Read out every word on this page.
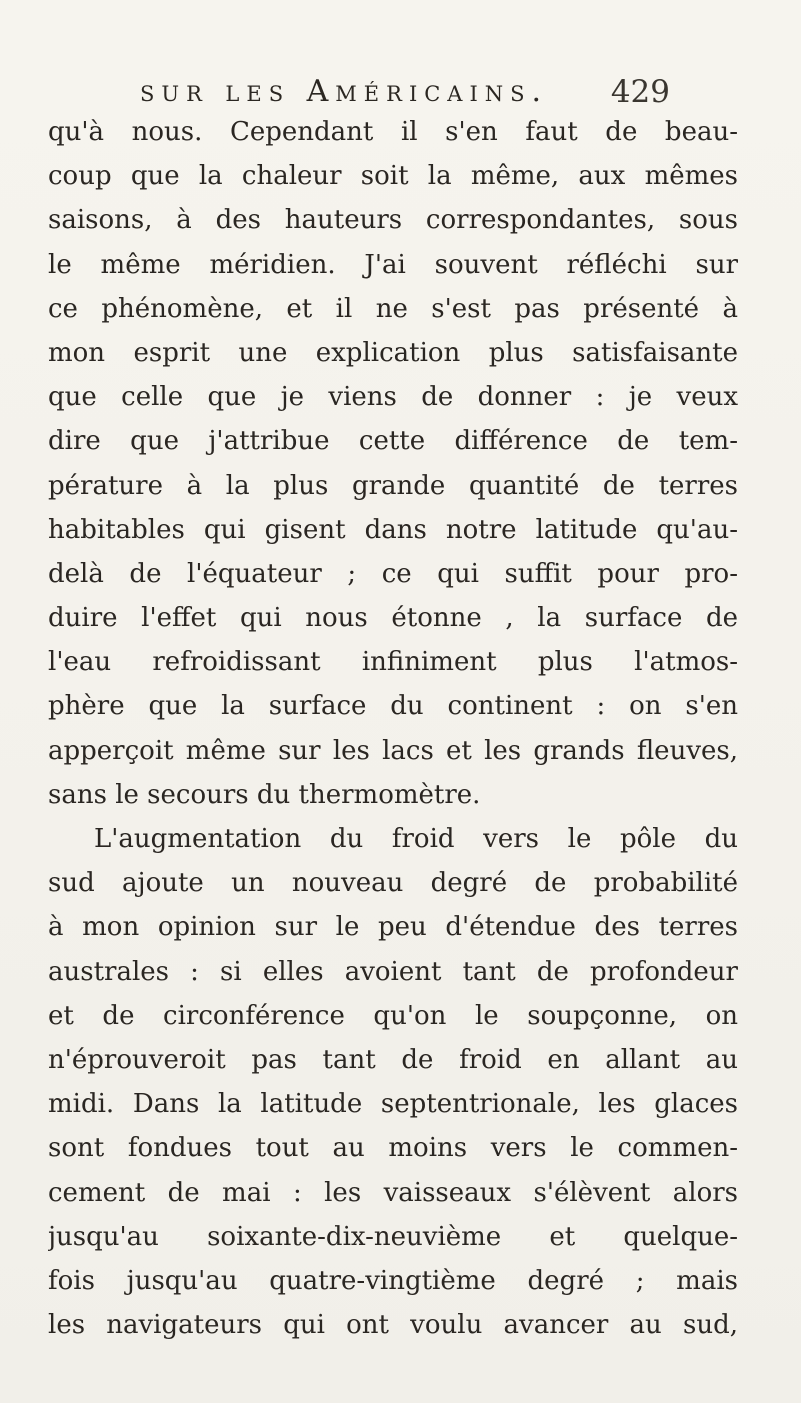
sur les Américains. 429
qu'à nous. Cependant il s'en faut de beau-
coup que la chaleur soit la même, aux mêmes
saisons, à des hauteurs correspondantes, sous
le même méridien. J'ai souvent réfléchi sur
ce phénomène, et il ne s'est pas présenté à
mon esprit une explication plus satisfaisante
que celle que je viens de donner : je veux
dire que j'attribue cette différence de tem-
pérature à la plus grande quantité de terres
habitables qui gisent dans notre latitude qu'au-
delà de l'équateur ; ce qui suffit pour pro-
duire l'effet qui nous étonne , la surface de
l'eau refroidissant infiniment plus l'atmos-
phère que la surface du continent : on s'en
apperçoit même sur les lacs et les grands fleuves,
sans le secours du thermomètre.
L'augmentation du froid vers le pôle du
sud ajoute un nouveau degré de probabilité
à mon opinion sur le peu d'étendue des terres
australes : si elles avoient tant de profondeur
et de circonférence qu'on le soupçonne, on
n'éprouveroit pas tant de froid en allant au
midi. Dans la latitude septentrionale, les glaces
sont fondues tout au moins vers le commen-
cement de mai : les vaisseaux s'élèvent alors
jusqu'au soixante-dix-neuvième et quelque-
fois jusqu'au quatre-vingtième degré ; mais
les navigateurs qui ont voulu avancer au sud,
